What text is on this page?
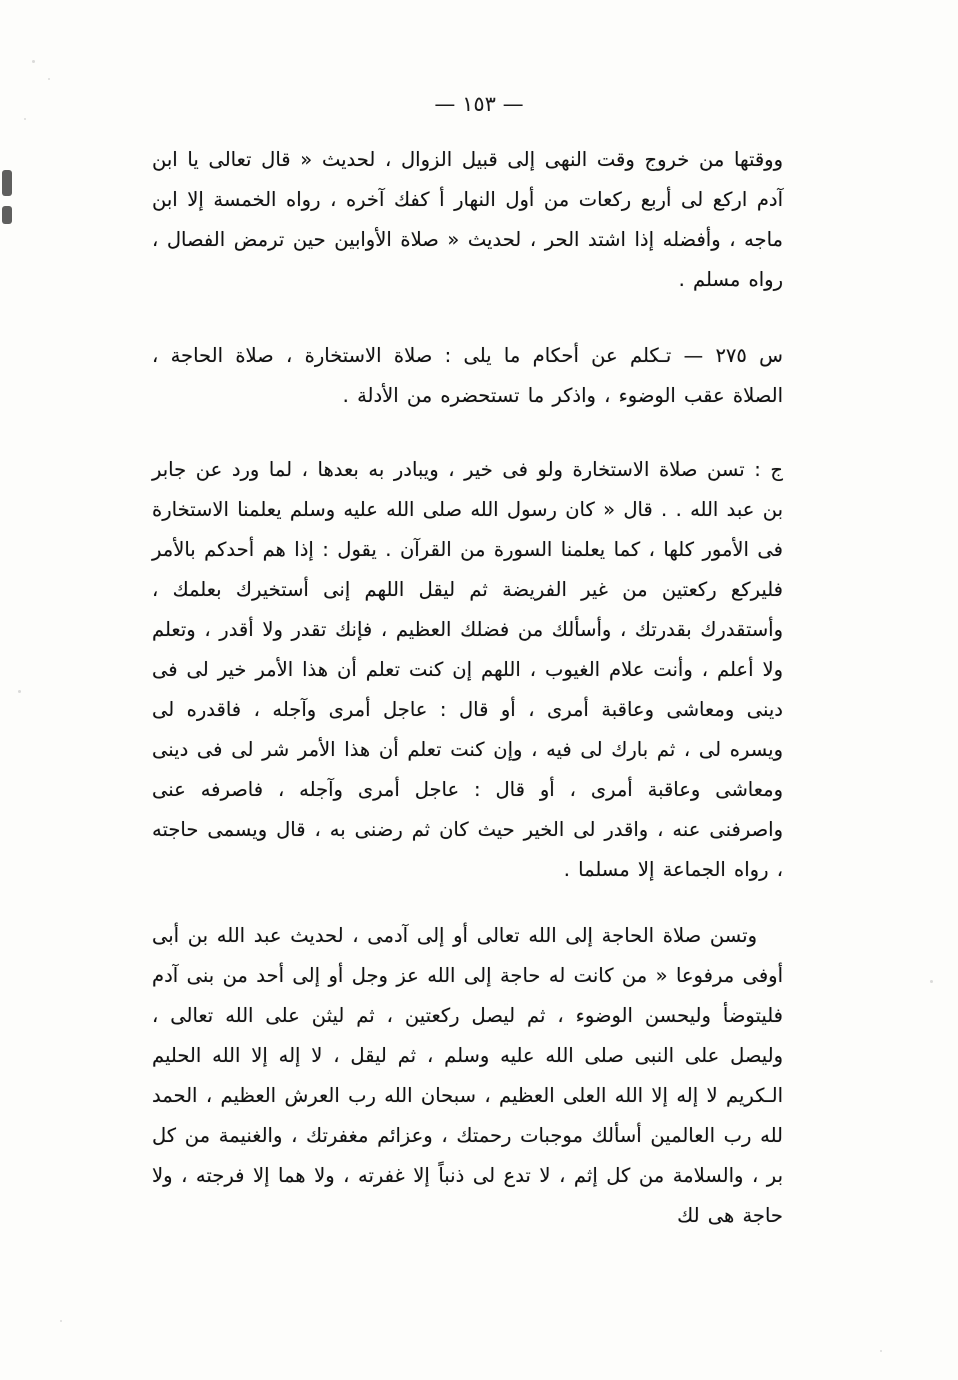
— ١٥٣ —

ووقتها من خروج وقت النهى إلى قبيل الزوال ، لحديث « قال تعالى يا ابن آدم اركع لى أربع ركعات من أول النهار أ كفك آخره ، رواه الخمسة إلا ابن ماجه ، وأفضله إذا اشتد الحر ، لحديث « صلاة الأوابين حين ترمض الفصال ، رواه مسلم .

س ٢٧٥ — تـكلم عن أحكام ما يلى : صلاة الاستخارة ، صلاة الحاجة ، الصلاة عقب الوضوء ، واذكر ما تستحضره من الأدلة .

ج : تسن صلاة الاستخارة ولو فى خير ، ويبادر به بعدها ، لما ورد عن جابر بن عبد الله . . قال « كان رسول الله صلى الله عليه وسلم يعلمنا الاستخارة فى الأمور كلها ، كما يعلمنا السورة من القرآن . يقول : إذا هم أحدكم بالأمر فليركع ركعتين من غير الفريضة ثم ليقل اللهم إنى أستخيرك بعلمك ، وأستقدرك بقدرتك ، وأسألك من فضلك العظيم ، فإنك تقدر ولا أقدر ، وتعلم ولا أعلم ، وأنت علام الغيوب ، اللهم إن كنت تعلم أن هذا الأمر خير لى فى دينى ومعاشى وعاقبة أمرى ، أو قال : عاجل أمرى وآجله ، فاقدره لى ويسره لى ، ثم بارك لى فيه ، وإن كنت تعلم أن هذا الأمر شر لى فى دينى ومعاشى وعاقبة أمرى ، أو قال : عاجل أمرى وآجله ، فاصرفه عنى واصرفنى عنه ، واقدر لى الخير حيث كان ثم رضنى به ، قال ويسمى حاجته ، رواه الجماعة إلا مسلما .

وتسن صلاة الحاجة إلى الله تعالى أو إلى آدمى ، لحديث عبد الله بن أبى أوفى مرفوعا « من كانت له حاجة إلى الله عز وجل أو إلى أحد من بنى آدم فليتوضأ وليحسن الوضوء ، ثم ليصل ركعتين ، ثم ليثن على الله تعالى ، وليصل على النبى صلى الله عليه وسلم ، ثم ليقل ، لا إله إلا الله الحليم الـكريم لا إله إلا الله العلى العظيم ، سبحان الله رب العرش العظيم ، الحمد لله رب العالمين أسألك موجبات رحمتك ، وعزائم مغفرتك ، والغنيمة من كل بر ، والسلامة من كل إثم ، لا تدع لى ذنباً إلا غفرته ، ولا هما إلا فرجته ، ولا حاجة هى لك
